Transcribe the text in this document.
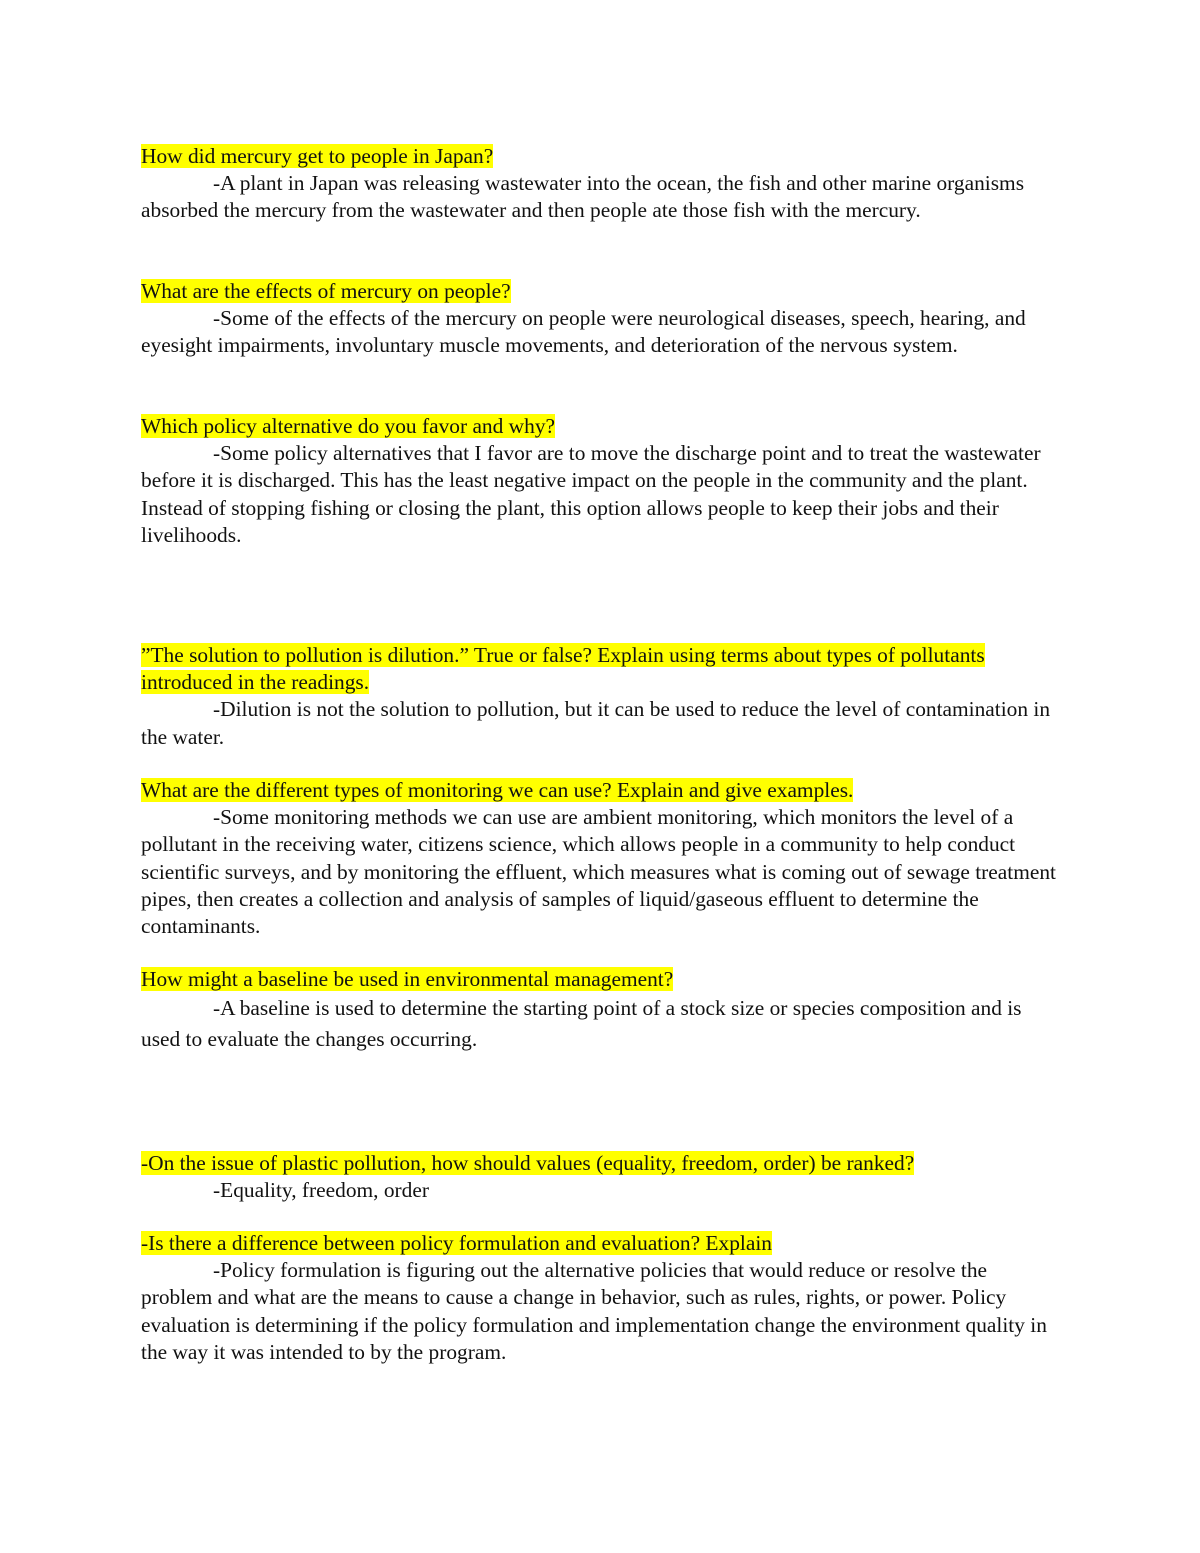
How did mercury get to people in Japan?

-A plant in Japan was releasing wastewater into the ocean, the fish and other marine organisms absorbed the mercury from the wastewater and then people ate those fish with the mercury.

What are the effects of mercury on people?

-Some of the effects of the mercury on people were neurological diseases, speech, hearing, and eyesight impairments, involuntary muscle movements, and deterioration of the nervous system.

Which policy alternative do you favor and why?

-Some policy alternatives that I favor are to move the discharge point and to treat the wastewater before it is discharged. This has the least negative impact on the people in the community and the plant. Instead of stopping fishing or closing the plant, this option allows people to keep their jobs and their livelihoods.

”The solution to pollution is dilution.” True or false? Explain using terms about types of pollutants introduced in the readings.

-Dilution is not the solution to pollution, but it can be used to reduce the level of contamination in the water.

What are the different types of monitoring we can use? Explain and give examples.

-Some monitoring methods we can use are ambient monitoring, which monitors the level of a pollutant in the receiving water, citizens science, which allows people in a community to help conduct scientific surveys, and by monitoring the effluent, which measures what is coming out of sewage treatment pipes, then creates a collection and analysis of samples of liquid/gaseous effluent to determine the contaminants.

How might a baseline be used in environmental management?

-A baseline is used to determine the starting point of a stock size or species composition and is used to evaluate the changes occurring.

-On the issue of plastic pollution, how should values (equality, freedom, order) be ranked?

-Equality, freedom, order

-Is there a difference between policy formulation and evaluation? Explain

-Policy formulation is figuring out the alternative policies that would reduce or resolve the problem and what are the means to cause a change in behavior, such as rules, rights, or power. Policy evaluation is determining if the policy formulation and implementation change the environment quality in the way it was intended to by the program.
